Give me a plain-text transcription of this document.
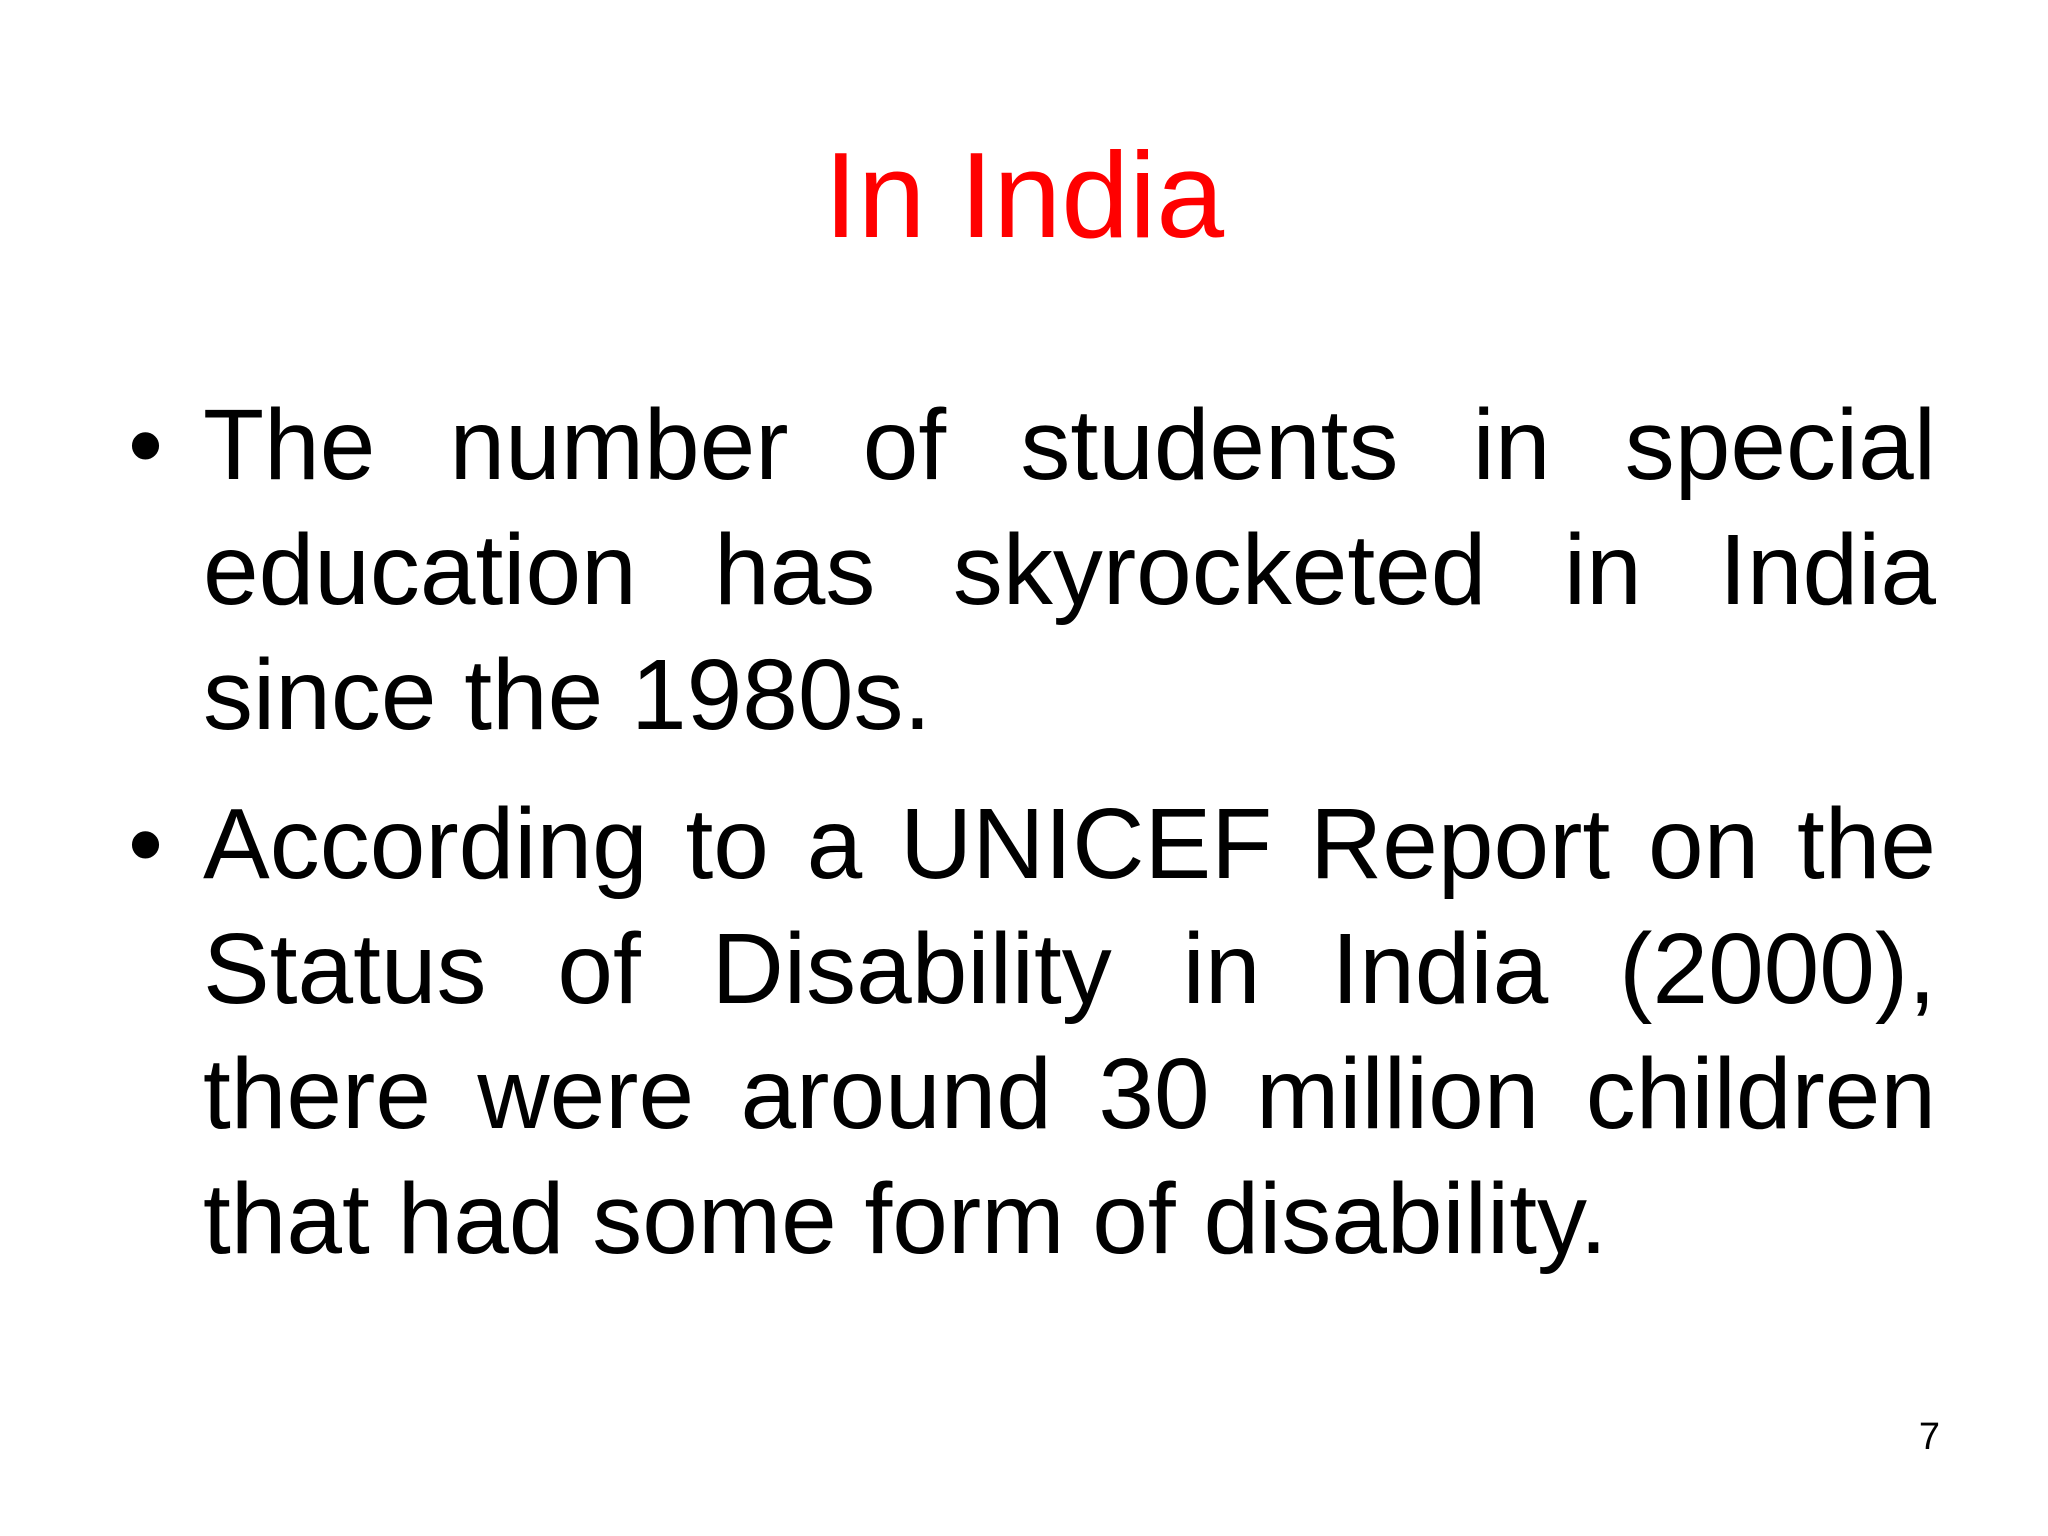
In India
• The number of students in special education has skyrocketed in India since the 1980s.
• According to a UNICEF Report on the Status of Disability in India (2000), there were around 30 million children that had some form of disability.
7
